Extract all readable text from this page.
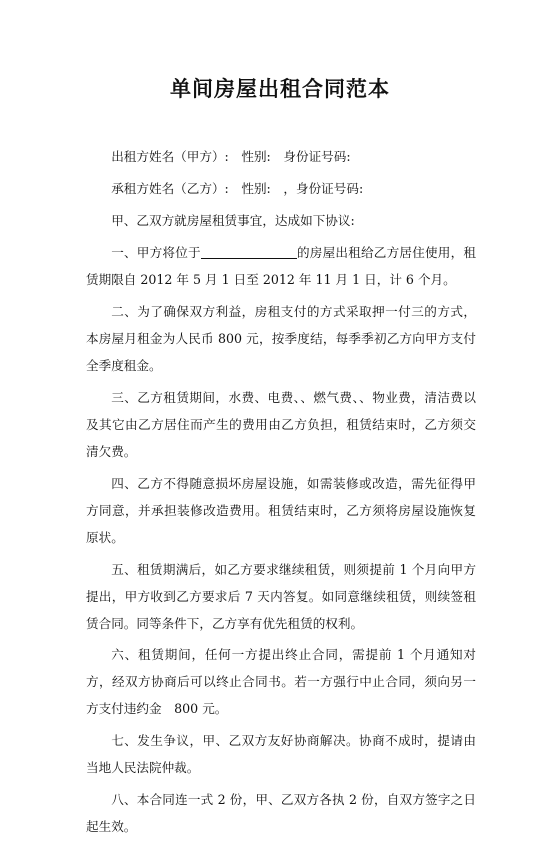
单间房屋出租合同范本

出租方姓名（甲方）:　性别:　身份证号码:

承租方姓名（乙方）:　性别:　，身份证号码:

甲、乙双方就房屋租赁事宜，达成如下协议:

一、甲方将位于	的房屋出租给乙方居住使用，租赁期限自 2012 年 5 月 1 日至 2012 年 11 月 1 日，计 6 个月。

二、为了确保双方利益，房租支付的方式采取押一付三的方式，本房屋月租金为人民币 800 元，按季度结，每季季初乙方向甲方支付全季度租金。

三、乙方租赁期间，水费、电费、、燃气费、、物业费，清洁费以及其它由乙方居住而产生的费用由乙方负担，租赁结束时，乙方须交清欠费。

四、乙方不得随意损坏房屋设施，如需装修或改造，需先征得甲方同意，并承担装修改造费用。租赁结束时，乙方须将房屋设施恢复原状。

五、租赁期满后，如乙方要求继续租赁，则须提前 1 个月向甲方提出，甲方收到乙方要求后 7 天内答复。如同意继续租赁，则续签租赁合同。同等条件下，乙方享有优先租赁的权利。

六、租赁期间，任何一方提出终止合同，需提前 1 个月通知对方，经双方协商后可以终止合同书。若一方强行中止合同，须向另一方支付违约金　800 元。

七、发生争议，甲、乙双方友好协商解决。协商不成时，提请由当地人民法院仲裁。

八、本合同连一式 2 份，甲、乙双方各执 2 份，自双方签字之日起生效。
